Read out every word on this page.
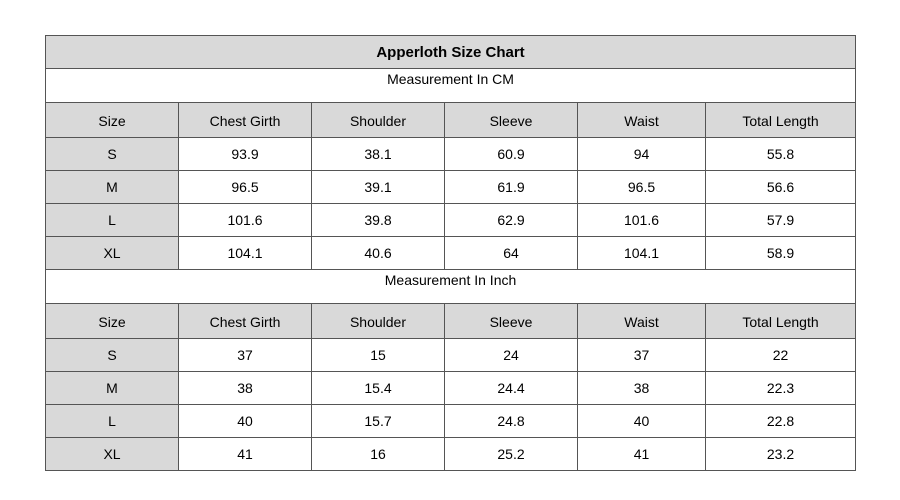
Apperloth Size Chart					
Measurement In CM					
Size	Chest Girth	Shoulder	Sleeve	Waist	Total Length
S	93.9	38.1	60.9	94	55.8
M	96.5	39.1	61.9	96.5	56.6
L	101.6	39.8	62.9	101.6	57.9
XL	104.1	40.6	64	104.1	58.9
Measurement In Inch					
Size	Chest Girth	Shoulder	Sleeve	Waist	Total Length
S	37	15	24	37	22
M	38	15.4	24.4	38	22.3
L	40	15.7	24.8	40	22.8
XL	41	16	25.2	41	23.2
